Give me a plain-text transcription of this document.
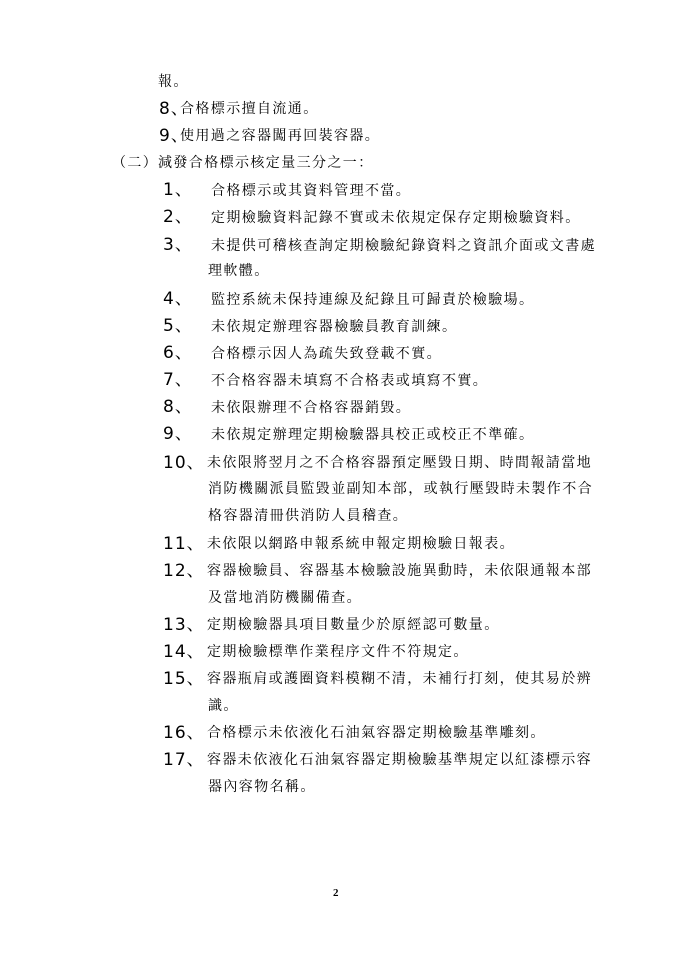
報。
8、
合格標示擅自流通。
9、
使用過之容器闖再回裝容器。
（二） 減發合格標示核定量三分之一：
1、 合格標示或其資料管理不當。
2、 定期檢驗資料記錄不實或未依規定保存定期檢驗資料。
3、 未提供可稽核查詢定期檢驗紀錄資料之資訊介面或文書處
理軟體。
4、 監控系統未保持連線及紀錄且可歸責於檢驗場。
5、 未依規定辦理容器檢驗員教育訓練。
6、 合格標示因人為疏失致登載不實。
7、 不合格容器未填寫不合格表或填寫不實。
8、 未依限辦理不合格容器銷毀。
9、 未依規定辦理定期檢驗器具校正或校正不準確。
10、 未依限將翌月之不合格容器預定壓毀日期、時間報請當地
消防機關派員監毀並副知本部，或執行壓毀時未製作不合
格容器清冊供消防人員稽查。
11、 未依限以網路申報系統申報定期檢驗日報表。
12、 容器檢驗員、容器基本檢驗設施異動時，未依限通報本部
及當地消防機關備查。
13、 定期檢驗器具項目數量少於原經認可數量。
14、 定期檢驗標準作業程序文件不符規定。
15、 容器瓶肩或護圈資料模糊不清，未補行打刻，使其易於辨
識。
16、 合格標示未依液化石油氣容器定期檢驗基準雕刻。
17、 容器未依液化石油氣容器定期檢驗基準規定以紅漆標示容
器內容物名稱。
2
